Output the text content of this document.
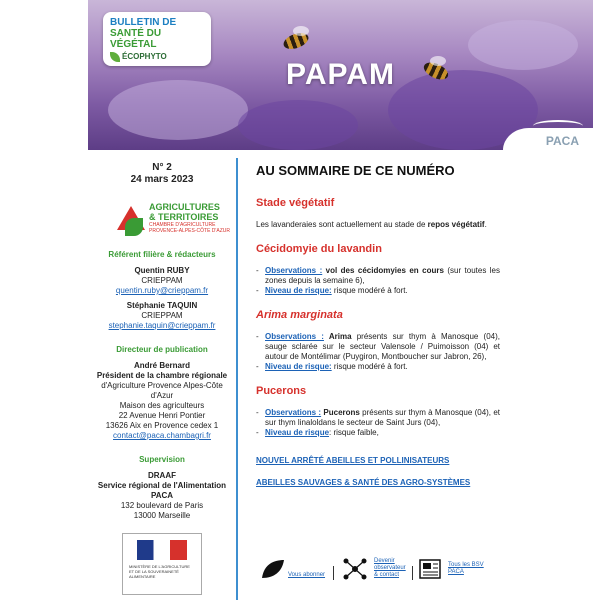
BULLETIN DE
SANTÉ DU VÉGÉTAL
ÉCOPHYTO
PAPAM
PACA
N° 2
24 mars 2023
AGRICULTURES
& TERRITOIRES
CHAMBRE D'AGRICULTURE
PROVENCE-ALPES-CÔTE D'AZUR
Référent filière & rédacteurs
Quentin RUBY
CRIEPPAM
quentin.ruby@crieppam.fr
Stéphanie TAQUIN
CRIEPPAM
stephanie.taquin@crieppam.fr
Directeur de publication
André Bernard
Président de la chambre régionale
d'Agriculture Provence Alpes-Côte
d'Azur
Maison des agriculteurs
22 Avenue Henri Pontier
13626 Aix en Provence cedex 1
contact@paca.chambagri.fr
Supervision
DRAAF
Service régional de l'Alimentation
PACA
132 boulevard de Paris
13000 Marseille
MINISTÈRE DE L'AGRICULTURE ET DE LA SOUVERAINETÉ ALIMENTAIRE
AU SOMMAIRE DE CE NUMÉRO
Stade végétatif

Les lavanderaies sont actuellement au stade de repos végétatif.

Cécidomyie du lavandin
- Observations : vol des cécidomyies en cours (sur toutes les zones depuis la semaine 6),
- Niveau de risque: risque modéré à fort.
Arima marginata
- Observations : Arima présents sur thym à Manosque (04), sauge sclarée sur le secteur Valensole / Puimoisson (04) et autour de Montélimar (Puygiron, Montboucher sur Jabron, 26),
- Niveau de risque: risque modéré à fort.
Pucerons
- Observations : Pucerons présents sur thym à Manosque (04), et sur thym linaloldans le secteur de Saint Jurs (04),
- Niveau de risque: risque faible,
NOUVEL ARRÊTÉ ABEILLES ET POLLINISATEURS
ABEILLES SAUVAGES & SANTÉ DES AGRO-SYSTÈMES
Vous abonner
Devenir
observateur
& contact
Tous les BSV
PACA
